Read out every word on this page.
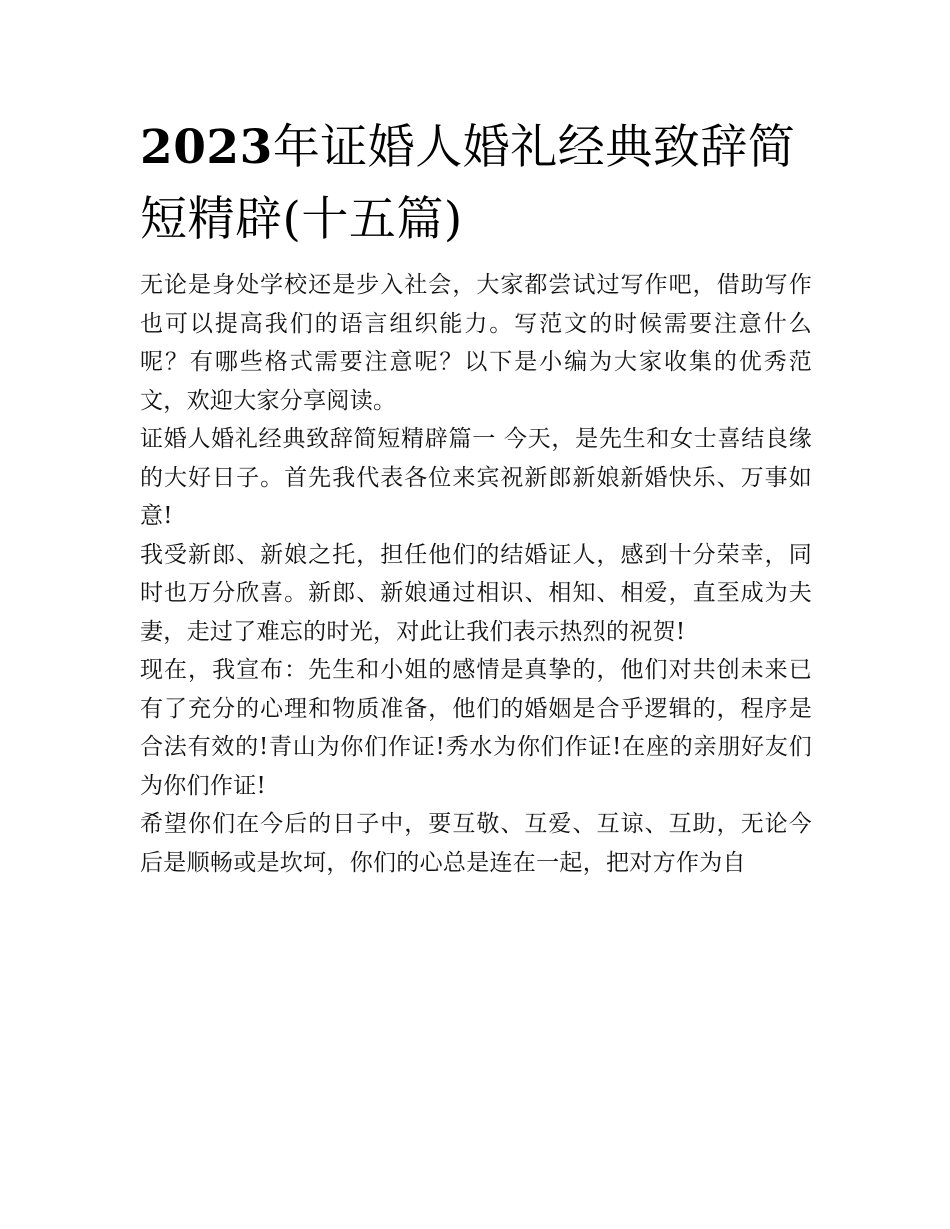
2023年证婚人婚礼经典致辞简短精辟(十五篇)

无论是身处学校还是步入社会，大家都尝试过写作吧，借助写作也可以提高我们的语言组织能力。写范文的时候需要注意什么呢？有哪些格式需要注意呢？以下是小编为大家收集的优秀范文，欢迎大家分享阅读。

证婚人婚礼经典致辞简短精辟篇一 今天，是先生和女士喜结良缘的大好日子。首先我代表各位来宾祝新郎新娘新婚快乐、万事如意!

我受新郎、新娘之托，担任他们的结婚证人，感到十分荣幸，同时也万分欣喜。新郎、新娘通过相识、相知、相爱，直至成为夫妻，走过了难忘的时光，对此让我们表示热烈的祝贺!

现在，我宣布：先生和小姐的感情是真挚的，他们对共创未来已有了充分的心理和物质准备，他们的婚姻是合乎逻辑的，程序是合法有效的!青山为你们作证!秀水为你们作证!在座的亲朋好友们为你们作证!

希望你们在今后的日子中，要互敬、互爱、互谅、互助，无论今后是顺畅或是坎坷，你们的心总是连在一起，把对方作为自
